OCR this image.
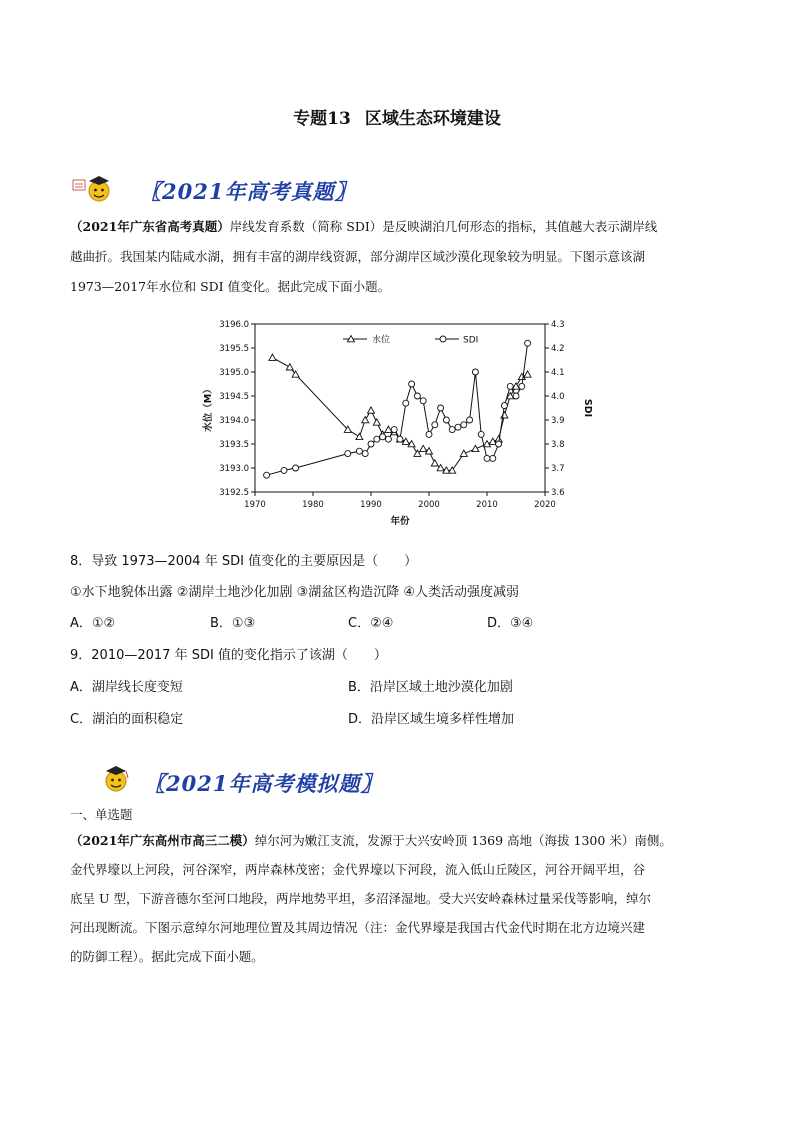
专题13 区域生态环境建设
〖2021年高考真题〗
（2021年广东省高考真题）岸线发育系数（简称 SDI）是反映湖泊几何形态的指标，其值越大表示湖岸线
越曲折。我国某内陆咸水湖，拥有丰富的湖岸线资源，部分湖岸区域沙漠化现象较为明显。下图示意该湖
1973—2017年水位和 SDI 值变化。据此完成下面小题。
1970	1980	1990	2000	2010	2020
3192.5
3193.0
3193.5
3194.0
3194.5
3195.0
3195.5
3196.0
3.6
3.7
3.8
3.9
4.0
4.1
4.2
4.3
年份
水位（M）	SDI
水位	SDI
8．导致 1973—2004 年 SDI 值变化的主要原因是（　　）
①水下地貌体出露 ②湖岸土地沙化加剧 ③湖盆区构造沉降 ④人类活动强度减弱
A．①②	B．①③	C．②④	D．③④
9．2010—2017 年 SDI 值的变化指示了该湖（　　）
A．湖岸线长度变短	B．沿岸区域土地沙漠化加剧
C．湖泊的面积稳定	D．沿岸区域生境多样性增加
〖2021年高考模拟题〗
一、单选题
（2021年广东高州市高三二模）绰尔河为嫩江支流，发源于大兴安岭顶 1369 高地（海拔 1300 米）南侧。
金代界壕以上河段，河谷深窄，两岸森林茂密；金代界壕以下河段，流入低山丘陵区，河谷开阔平坦，谷
底呈 U 型，下游音德尔至河口地段，两岸地势平坦，多沼泽湿地。受大兴安岭森林过量采伐等影响，绰尔
河出现断流。下图示意绰尔河地理位置及其周边情况（注：金代界壕是我国古代金代时期在北方边境兴建
的防御工程）。据此完成下面小题。
